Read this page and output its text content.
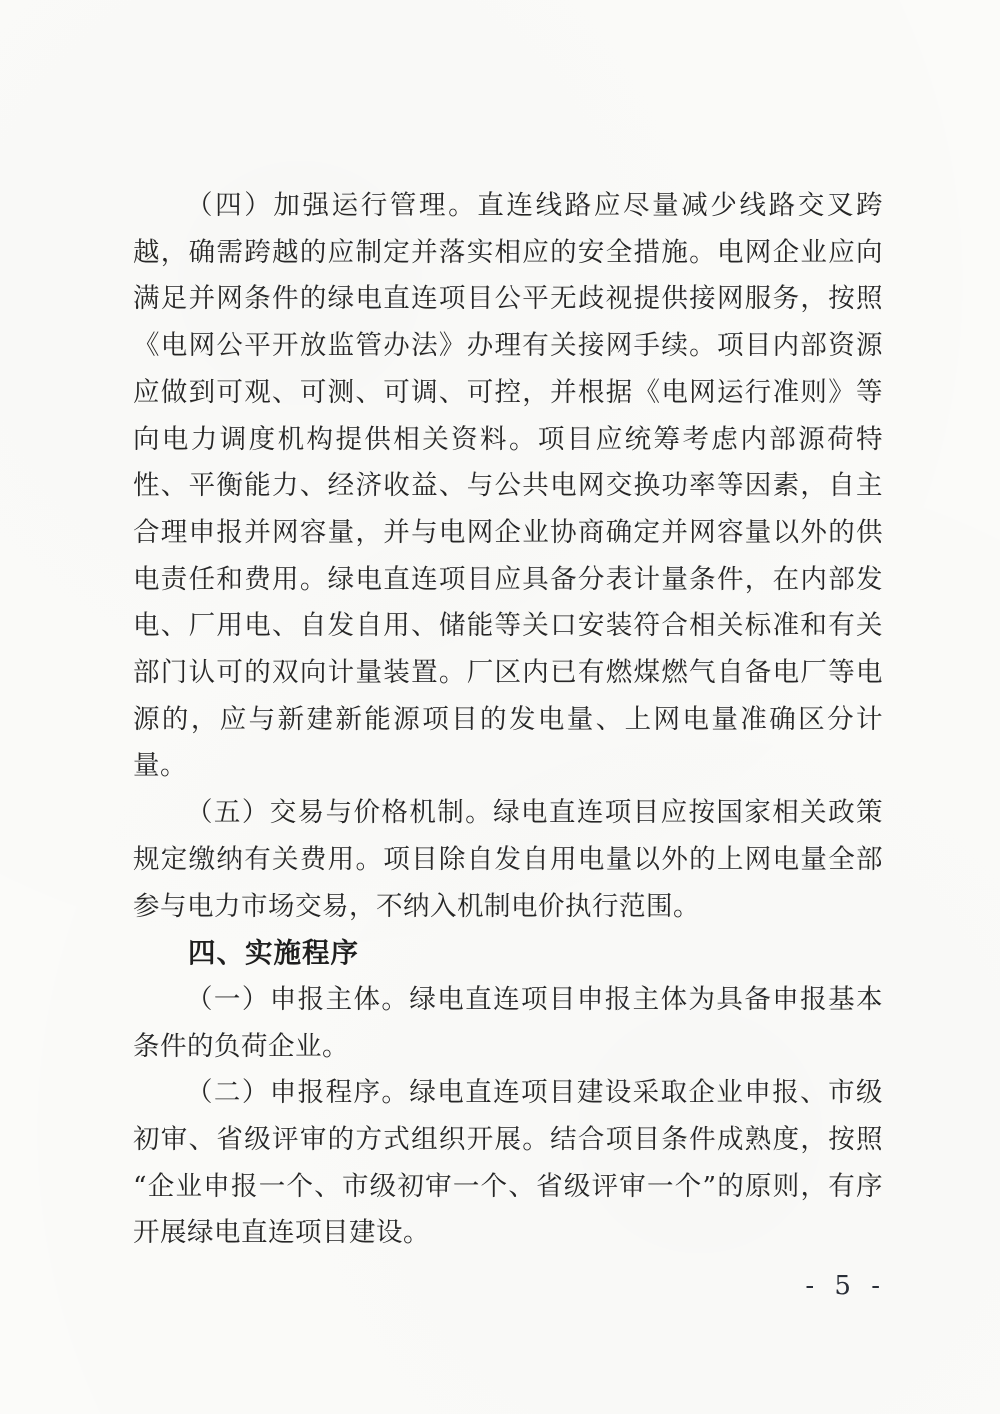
（四）加强运行管理。直连线路应尽量减少线路交叉跨越，确需跨越的应制定并落实相应的安全措施。电网企业应向满足并网条件的绿电直连项目公平无歧视提供接网服务，按照《电网公平开放监管办法》办理有关接网手续。项目内部资源应做到可观、可测、可调、可控，并根据《电网运行准则》等向电力调度机构提供相关资料。项目应统筹考虑内部源荷特性、平衡能力、经济收益、与公共电网交换功率等因素，自主合理申报并网容量，并与电网企业协商确定并网容量以外的供电责任和费用。绿电直连项目应具备分表计量条件，在内部发电、厂用电、自发自用、储能等关口安装符合相关标准和有关部门认可的双向计量装置。厂区内已有燃煤燃气自备电厂等电源的，应与新建新能源项目的发电量、上网电量准确区分计量。

（五）交易与价格机制。绿电直连项目应按国家相关政策规定缴纳有关费用。项目除自发自用电量以外的上网电量全部参与电力市场交易，不纳入机制电价执行范围。

四、实施程序

（一）申报主体。绿电直连项目申报主体为具备申报基本条件的负荷企业。

（二）申报程序。绿电直连项目建设采取企业申报、市级初审、省级评审的方式组织开展。结合项目条件成熟度，按照“企业申报一个、市级初审一个、省级评审一个”的原则，有序开展绿电直连项目建设。

- 5 -
